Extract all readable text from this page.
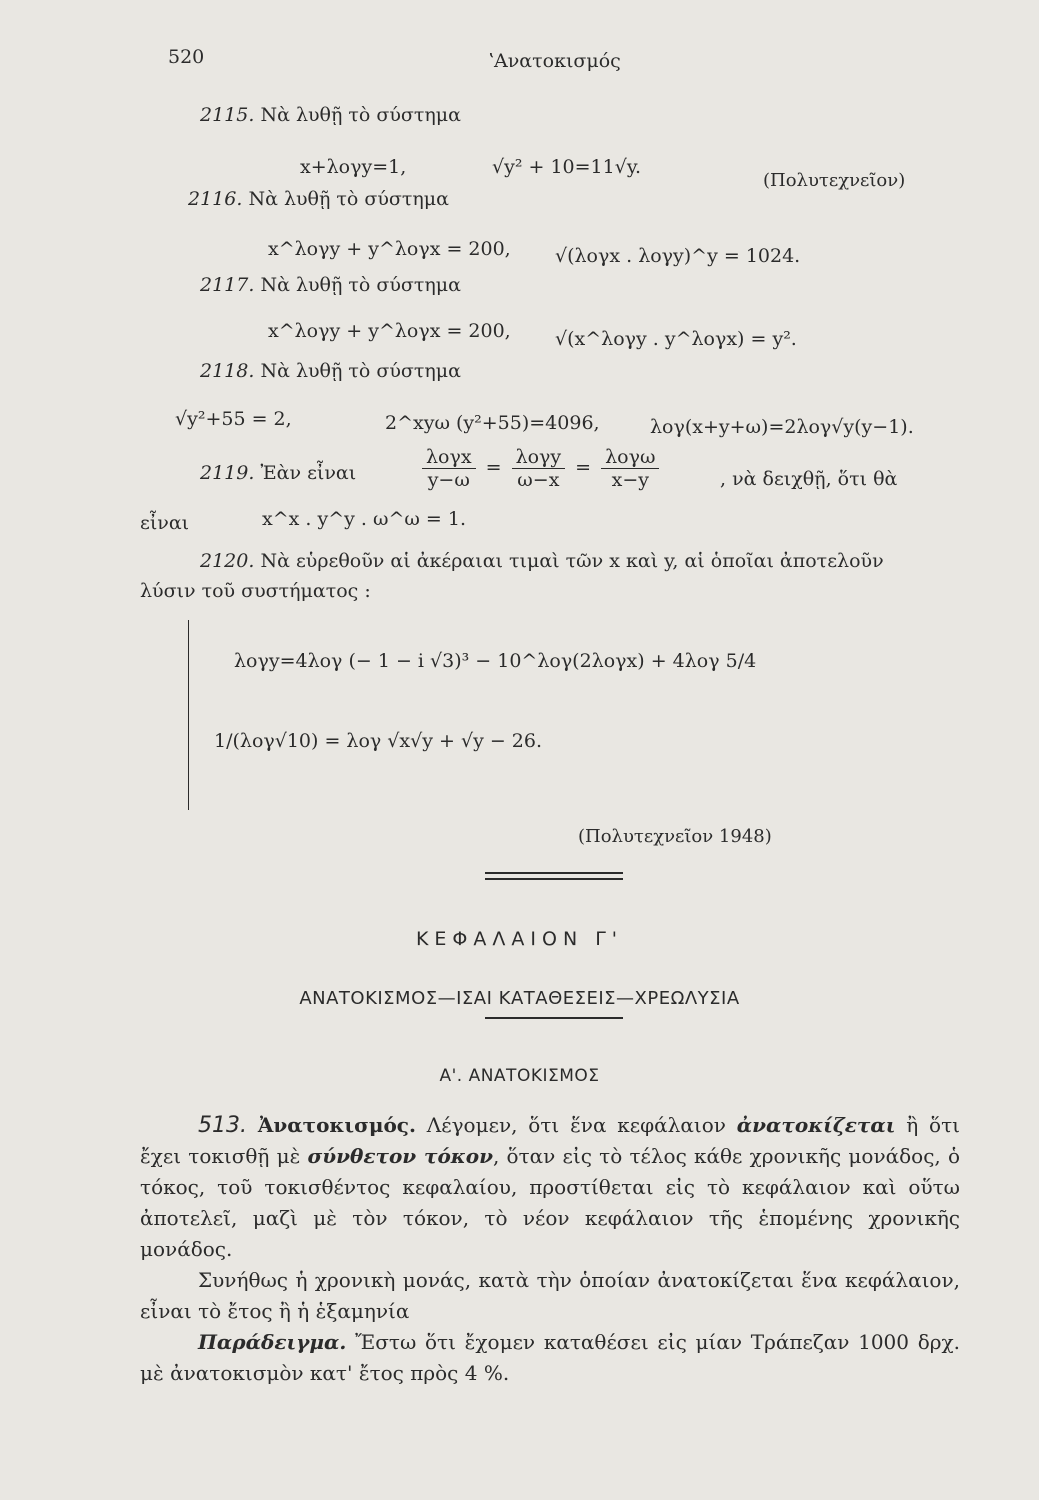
520	ʽΑνατοκισμός
2115. Νὰ λυθῇ τὸ σύστημα
x+λογy=1,	√y² + 10=11√y.
(Πολυτεχνεῖον)
2116. Νὰ λυθῇ τὸ σύστημα
x^λογy + y^λογx = 200, √(λογx . λογy)^y = 1024.
2117. Νὰ λυθῇ τὸ σύστημα
x^λογy + y^λογx = 200, √(x^λογy . y^λογx) = y².
2118. Νὰ λυθῇ τὸ σύστημα
√y²+55 = 2,	2^xyω (y²+55)=4096,	λογ(x+y+ω)=2λογ√y(y−1).
2119. Ἐὰν εἶναι	$\frac{\text{λογx}}{y-\omega} = \frac{\text{λογy}}{\omega-x} = \frac{\text{λογω}}{x-y}$	, νὰ δειχθῇ, ὅτι θὰ
εἶναι	x^x . y^y . ω^ω = 1.
2120. Νὰ εὑρεθοῦν αἱ ἀκέραιαι τιμαὶ τῶν x καὶ y, αἱ ὁποῖαι ἀποτελοῦν
λύσιν τοῦ συστήματος :
λογy=4λογ (− 1 − i √3)³ − 10^λογ(2λογx) + 4λογ 5/4
1/(λογ√10) = λογ √x√y + √y − 26.
(Πολυτεχνεῖον 1948)
ΚΕΦΑΛΑΙΟΝ Γ'
ΑΝΑΤΟΚΙΣΜΟΣ—ΙΣΑΙ ΚΑΤΑΘΕΣΕΙΣ—ΧΡΕΩΛΥΣΙΑ
Α'. ΑΝΑΤΟΚΙΣΜΟΣ

513. Ἀνατοκισμός. Λέγομεν, ὅτι ἕνα κεφάλαιον ἀνατοκίζεται ἢ ὅτι ἔχει τοκισθῇ μὲ σύνθετον τόκον, ὅταν εἰς τὸ τέλος κάθε χρονικῆς μονάδος, ὁ τόκος, τοῦ τοκισθέντος κεφαλαίου, προστίθεται εἰς τὸ κεφάλαιον καὶ οὕτω ἀποτελεῖ, μαζὶ μὲ τὸν τόκον, τὸ νέον κεφάλαιον τῆς ἑπομένης χρονικῆς μονάδος.

Συνήθως ἡ χρονικὴ μονάς, κατὰ τὴν ὁποίαν ἀνατοκίζεται ἕνα κεφάλαιον, εἶναι τὸ ἔτος ἢ ἡ ἑξαμηνία

Παράδειγμα. Ἔστω ὅτι ἔχομεν καταθέσει εἰς μίαν Τράπεζαν 1000 δρχ. μὲ ἀνατοκισμὸν κατ' ἔτος πρὸς 4 %.
